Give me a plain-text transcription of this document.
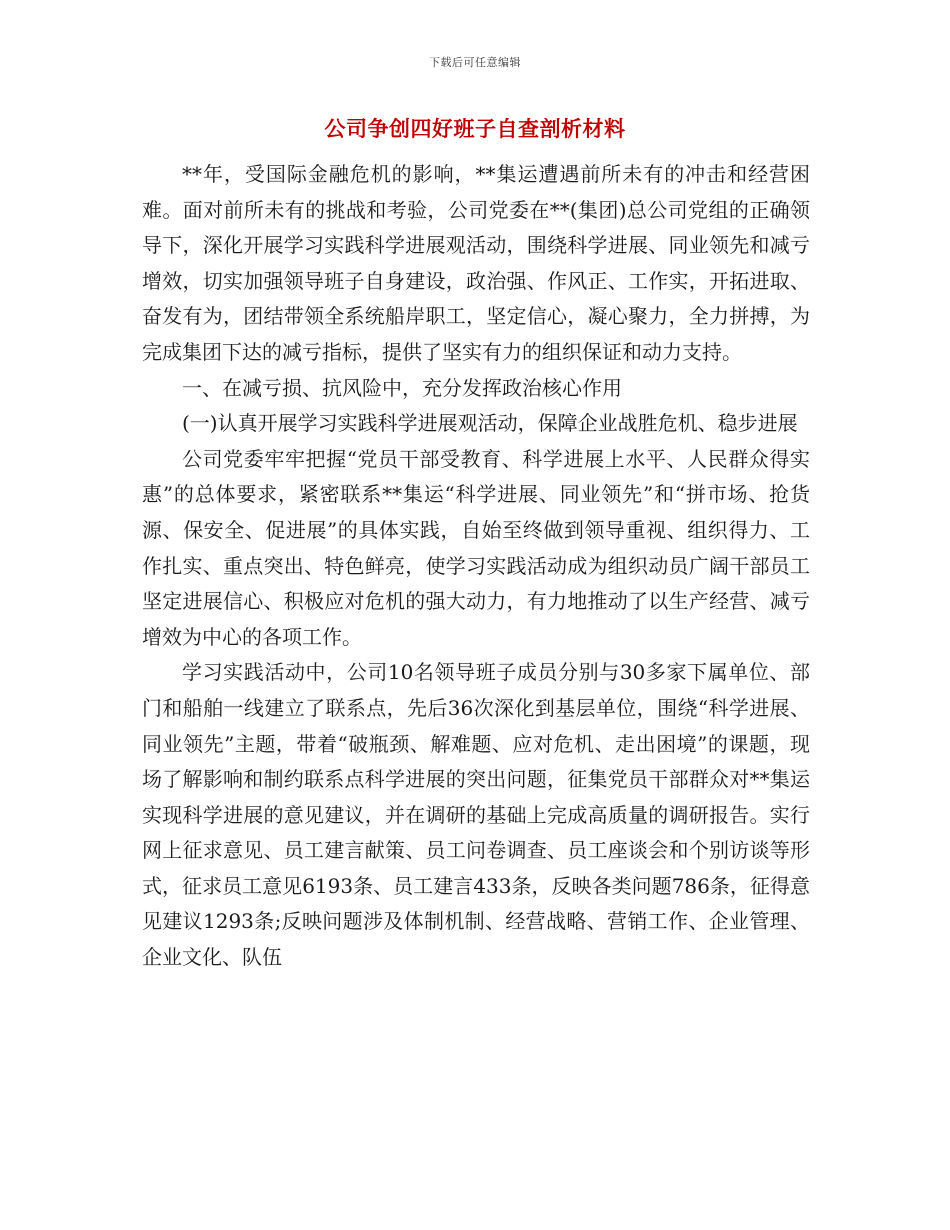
下载后可任意编辑
公司争创四好班子自查剖析材料

**年，受国际金融危机的影响，**集运遭遇前所未有的冲击和经营困难。面对前所未有的挑战和考验，公司党委在**(集团)总公司党组的正确领导下，深化开展学习实践科学进展观活动，围绕科学进展、同业领先和减亏增效，切实加强领导班子自身建设，政治强、作风正、工作实，开拓进取、奋发有为，团结带领全系统船岸职工，坚定信心，凝心聚力，全力拼搏，为完成集团下达的减亏指标，提供了坚实有力的组织保证和动力支持。

一、在减亏损、抗风险中，充分发挥政治核心作用

(一)认真开展学习实践科学进展观活动，保障企业战胜危机、稳步进展

公司党委牢牢把握“党员干部受教育、科学进展上水平、人民群众得实惠”的总体要求，紧密联系**集运“科学进展、同业领先”和“拼市场、抢货源、保安全、促进展”的具体实践，自始至终做到领导重视、组织得力、工作扎实、重点突出、特色鲜亮，使学习实践活动成为组织动员广阔干部员工坚定进展信心、积极应对危机的强大动力，有力地推动了以生产经营、减亏增效为中心的各项工作。

学习实践活动中，公司10名领导班子成员分别与30多家下属单位、部门和船舶一线建立了联系点，先后36次深化到基层单位，围绕“科学进展、同业领先”主题，带着“破瓶颈、解难题、应对危机、走出困境”的课题，现场了解影响和制约联系点科学进展的突出问题，征集党员干部群众对**集运实现科学进展的意见建议，并在调研的基础上完成高质量的调研报告。实行网上征求意见、员工建言献策、员工问卷调查、员工座谈会和个别访谈等形式，征求员工意见6193条、员工建言433条，反映各类问题786条，征得意见建议1293条;反映问题涉及体制机制、经营战略、营销工作、企业管理、企业文化、队伍
